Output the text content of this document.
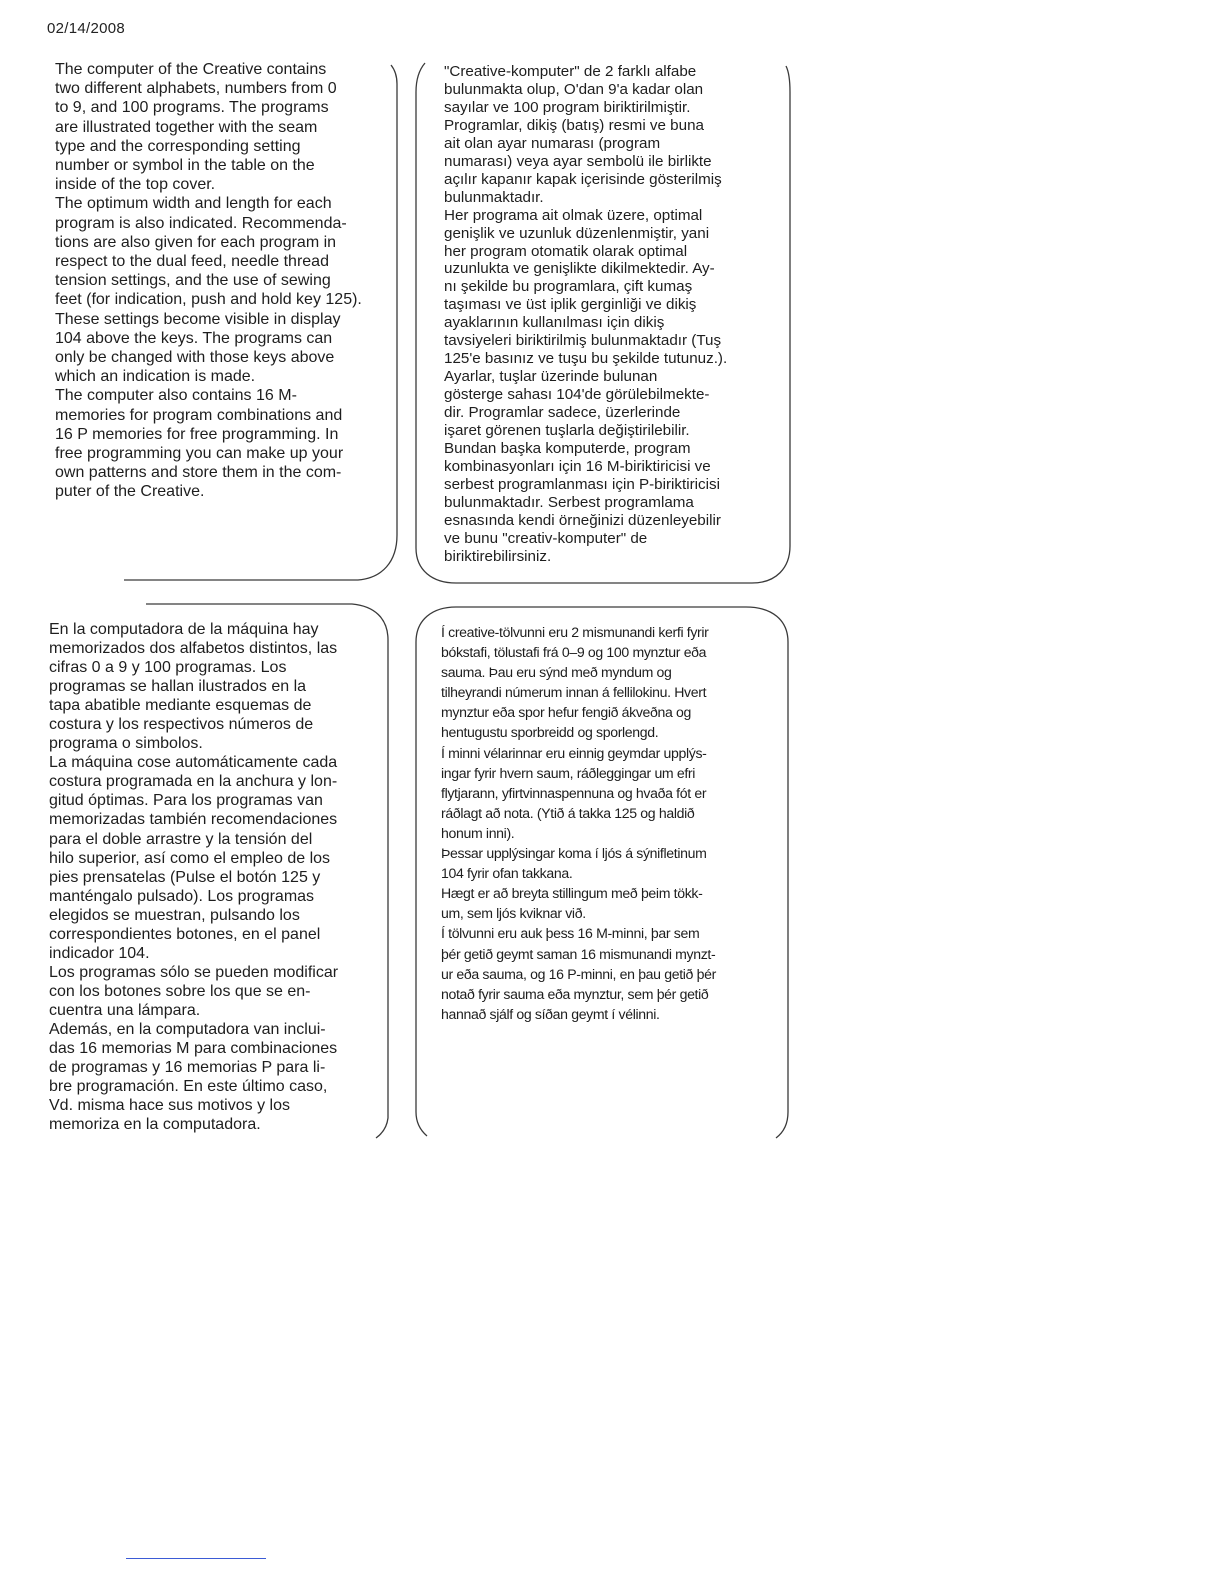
02/14/2008

The computer of the Creative contains
two different alphabets, numbers from 0
to 9, and 100 programs. The programs
are illustrated together with the seam
type and the corresponding setting
number or symbol in the table on the
inside of the top cover.
The optimum width and length for each
program is also indicated. Recommenda-
tions are also given for each program in
respect to the dual feed, needle thread
tension settings, and the use of sewing
feet (for indication, push and hold key 125).
These settings become visible in display
104 above the keys. The programs can
only be changed with those keys above
which an indication is made.
The computer also contains 16 M-
memories for program combinations and
16 P memories for free programming. In
free programming you can make up your
own patterns and store them in the com-
puter of the Creative.

"Creative-komputer" de 2 farklı alfabe
bulunmakta olup, O'dan 9'a kadar olan
sayılar ve 100 program biriktirilmiştir.
Programlar, dikiş (batış) resmi ve buna
ait olan ayar numarası (program
numarası) veya ayar sembolü ile birlikte
açılır kapanır kapak içerisinde gösterilmiş
bulunmaktadır.
Her programa ait olmak üzere, optimal
genişlik ve uzunluk düzenlenmiştir, yani
her program otomatik olarak optimal
uzunlukta ve genişlikte dikilmektedir. Ay-
nı şekilde bu programlara, çift kumaş
taşıması ve üst iplik gerginliği ve dikiş
ayaklarının kullanılması için dikiş
tavsiyeleri biriktirilmiş bulunmaktadır (Tuş
125'e basınız ve tuşu bu şekilde tutunuz.).
Ayarlar, tuşlar üzerinde bulunan
gösterge sahası 104'de görülebilmekte-
dir. Programlar sadece, üzerlerinde
işaret görenen tuşlarla değiştirilebilir.
Bundan başka komputerde, program
kombinasyonları için 16 M-biriktiricisi ve
serbest programlanması için P-biriktiricisi
bulunmaktadır. Serbest programlama
esnasında kendi örneğinizi düzenleyebilir
ve bunu "creativ-komputer" de
biriktirebilirsiniz.

En la computadora de la máquina hay
memorizados dos alfabetos distintos, las
cifras 0 a 9 y 100 programas. Los
programas se hallan ilustrados en la
tapa abatible mediante esquemas de
costura y los respectivos números de
programa o simbolos.
La máquina cose automáticamente cada
costura programada en la anchura y lon-
gitud óptimas. Para los programas van
memorizadas también recomendaciones
para el doble arrastre y la tensión del
hilo superior, así como el empleo de los
pies prensatelas (Pulse el botón 125 y
manténgalo pulsado). Los programas
elegidos se muestran, pulsando los
correspondientes botones, en el panel
indicador 104.
Los programas sólo se pueden modificar
con los botones sobre los que se en-
cuentra una lámpara.
Además, en la computadora van inclui-
das 16 memorias M para combinaciones
de programas y 16 memorias P para li-
bre programación. En este último caso,
Vd. misma hace sus motivos y los
memoriza en la computadora.

Í creative-tölvunni eru 2 mismunandi kerfi fyrir
bókstafi, tölustafi frá 0–9 og 100 mynztur eða
sauma. Þau eru sýnd með myndum og
tilheyrandi númerum innan á fellilokinu. Hvert
mynztur eða spor hefur fengið ákveðna og
hentugustu sporbreidd og sporlengd.
Í minni vélarinnar eru einnig geymdar upplýs-
ingar fyrir hvern saum, ráðleggingar um efri
flytjarann, yfirtvinnaspennuna og hvaða fót er
ráðlagt að nota. (Ytið á takka 125 og haldið
honum inni).
Þessar upplýsingar koma í ljós á sýnifletinum
104 fyrir ofan takkana.
Hægt er að breyta stillingum með þeim tökk-
um, sem ljós kviknar við.
Í tölvunni eru auk þess 16 M-minni, þar sem
þér getið geymt saman 16 mismunandi mynzt-
ur eða sauma, og 16 P-minni, en þau getið þér
notað fyrir sauma eða mynztur, sem þér getið
hannað sjálf og síðan geymt í vélinni.
